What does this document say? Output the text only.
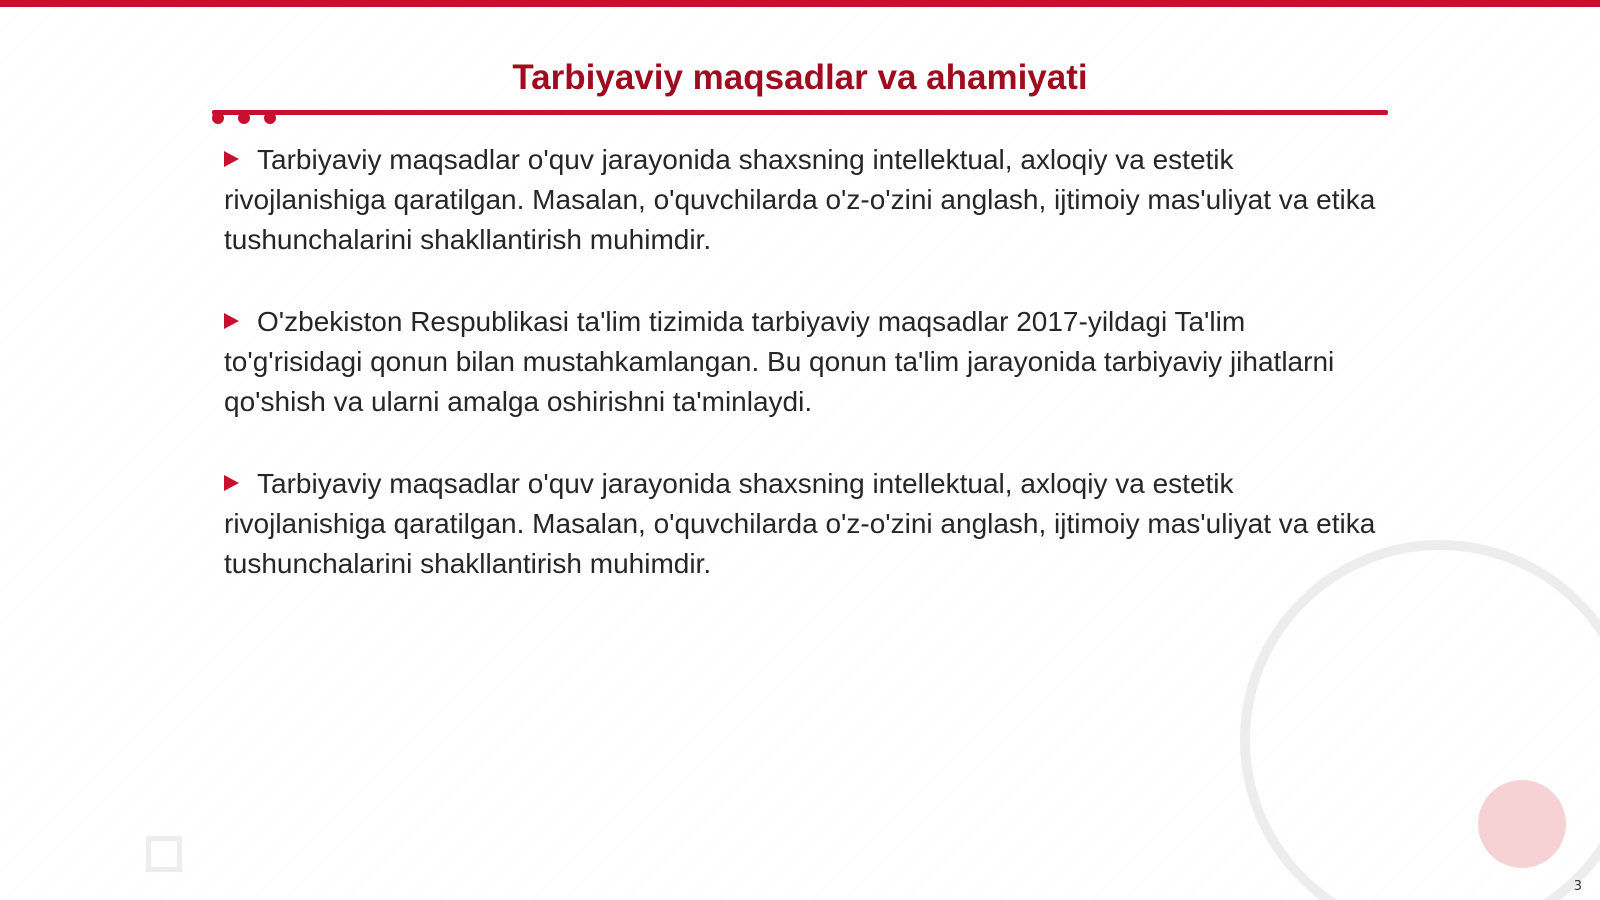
Tarbiyaviy maqsadlar va ahamiyati

Tarbiyaviy maqsadlar o'quv jarayonida shaxsning intellektual, axloqiy va estetik rivojlanishiga qaratilgan. Masalan, o'quvchilarda o'z-o'zini anglash, ijtimoiy mas'uliyat va etika tushunchalarini shakllantirish muhimdir.

O'zbekiston Respublikasi ta'lim tizimida tarbiyaviy maqsadlar 2017-yildagi Ta'lim to'g'risidagi qonun bilan mustahkamlangan. Bu qonun ta'lim jarayonida tarbiyaviy jihatlarni qo'shish va ularni amalga oshirishni ta'minlaydi.

Tarbiyaviy maqsadlar o'quv jarayonida shaxsning intellektual, axloqiy va estetik rivojlanishiga qaratilgan. Masalan, o'quvchilarda o'z-o'zini anglash, ijtimoiy mas'uliyat va etika tushunchalarini shakllantirish muhimdir.

3
